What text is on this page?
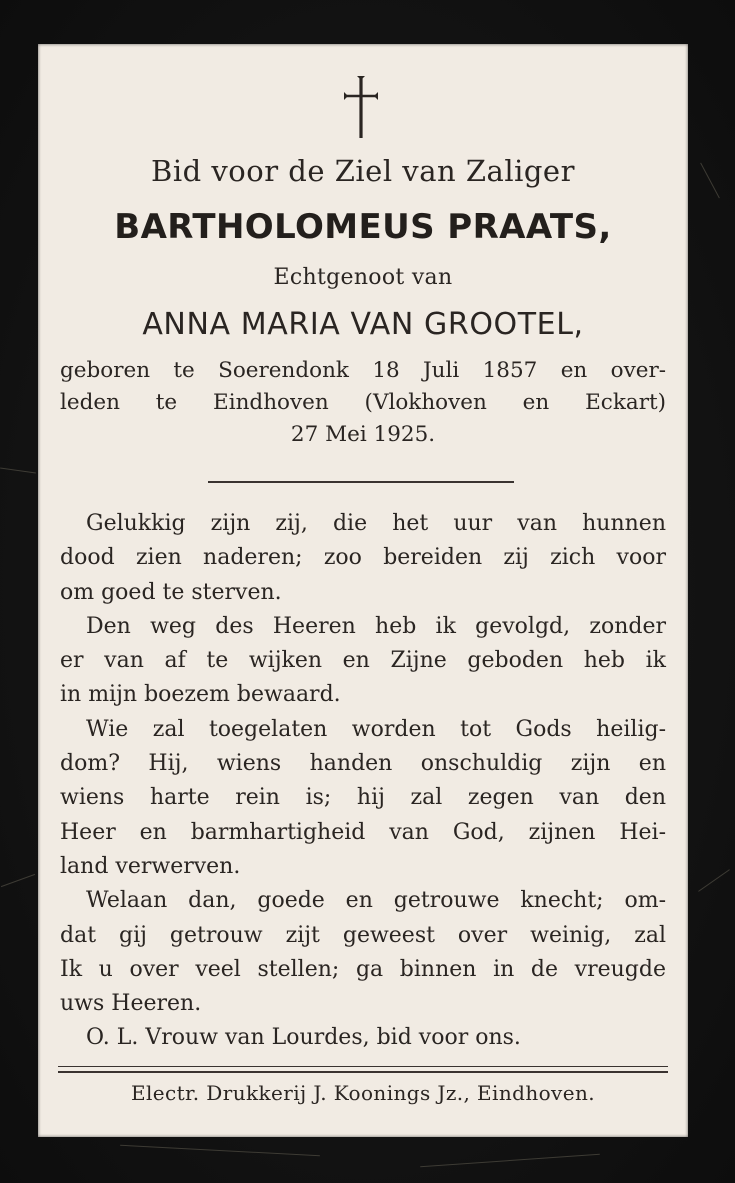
Bid voor de Ziel van Zaliger
BARTHOLOMEUS PRAATS,
Echtgenoot van
ANNA MARIA VAN GROOTEL,
geboren te Soerendonk 18 Juli 1857 en over-
leden te Eindhoven (Vlokhoven en Eckart)
27 Mei 1925.
Gelukkig zijn zij, die het uur van hunnen
dood zien naderen; zoo bereiden zij zich voor
om goed te sterven.
Den weg des Heeren heb ik gevolgd, zonder
er van af te wijken en Zijne geboden heb ik
in mijn boezem bewaard.
Wie zal toegelaten worden tot Gods heilig-
dom? Hij, wiens handen onschuldig zijn en
wiens harte rein is; hij zal zegen van den
Heer en barmhartigheid van God, zijnen Hei-
land verwerven.
Welaan dan, goede en getrouwe knecht; om-
dat gij getrouw zijt geweest over weinig, zal
Ik u over veel stellen; ga binnen in de vreugde
uws Heeren.
O. L. Vrouw van Lourdes, bid voor ons.
Electr. Drukkerij J. Koonings Jz., Eindhoven.
